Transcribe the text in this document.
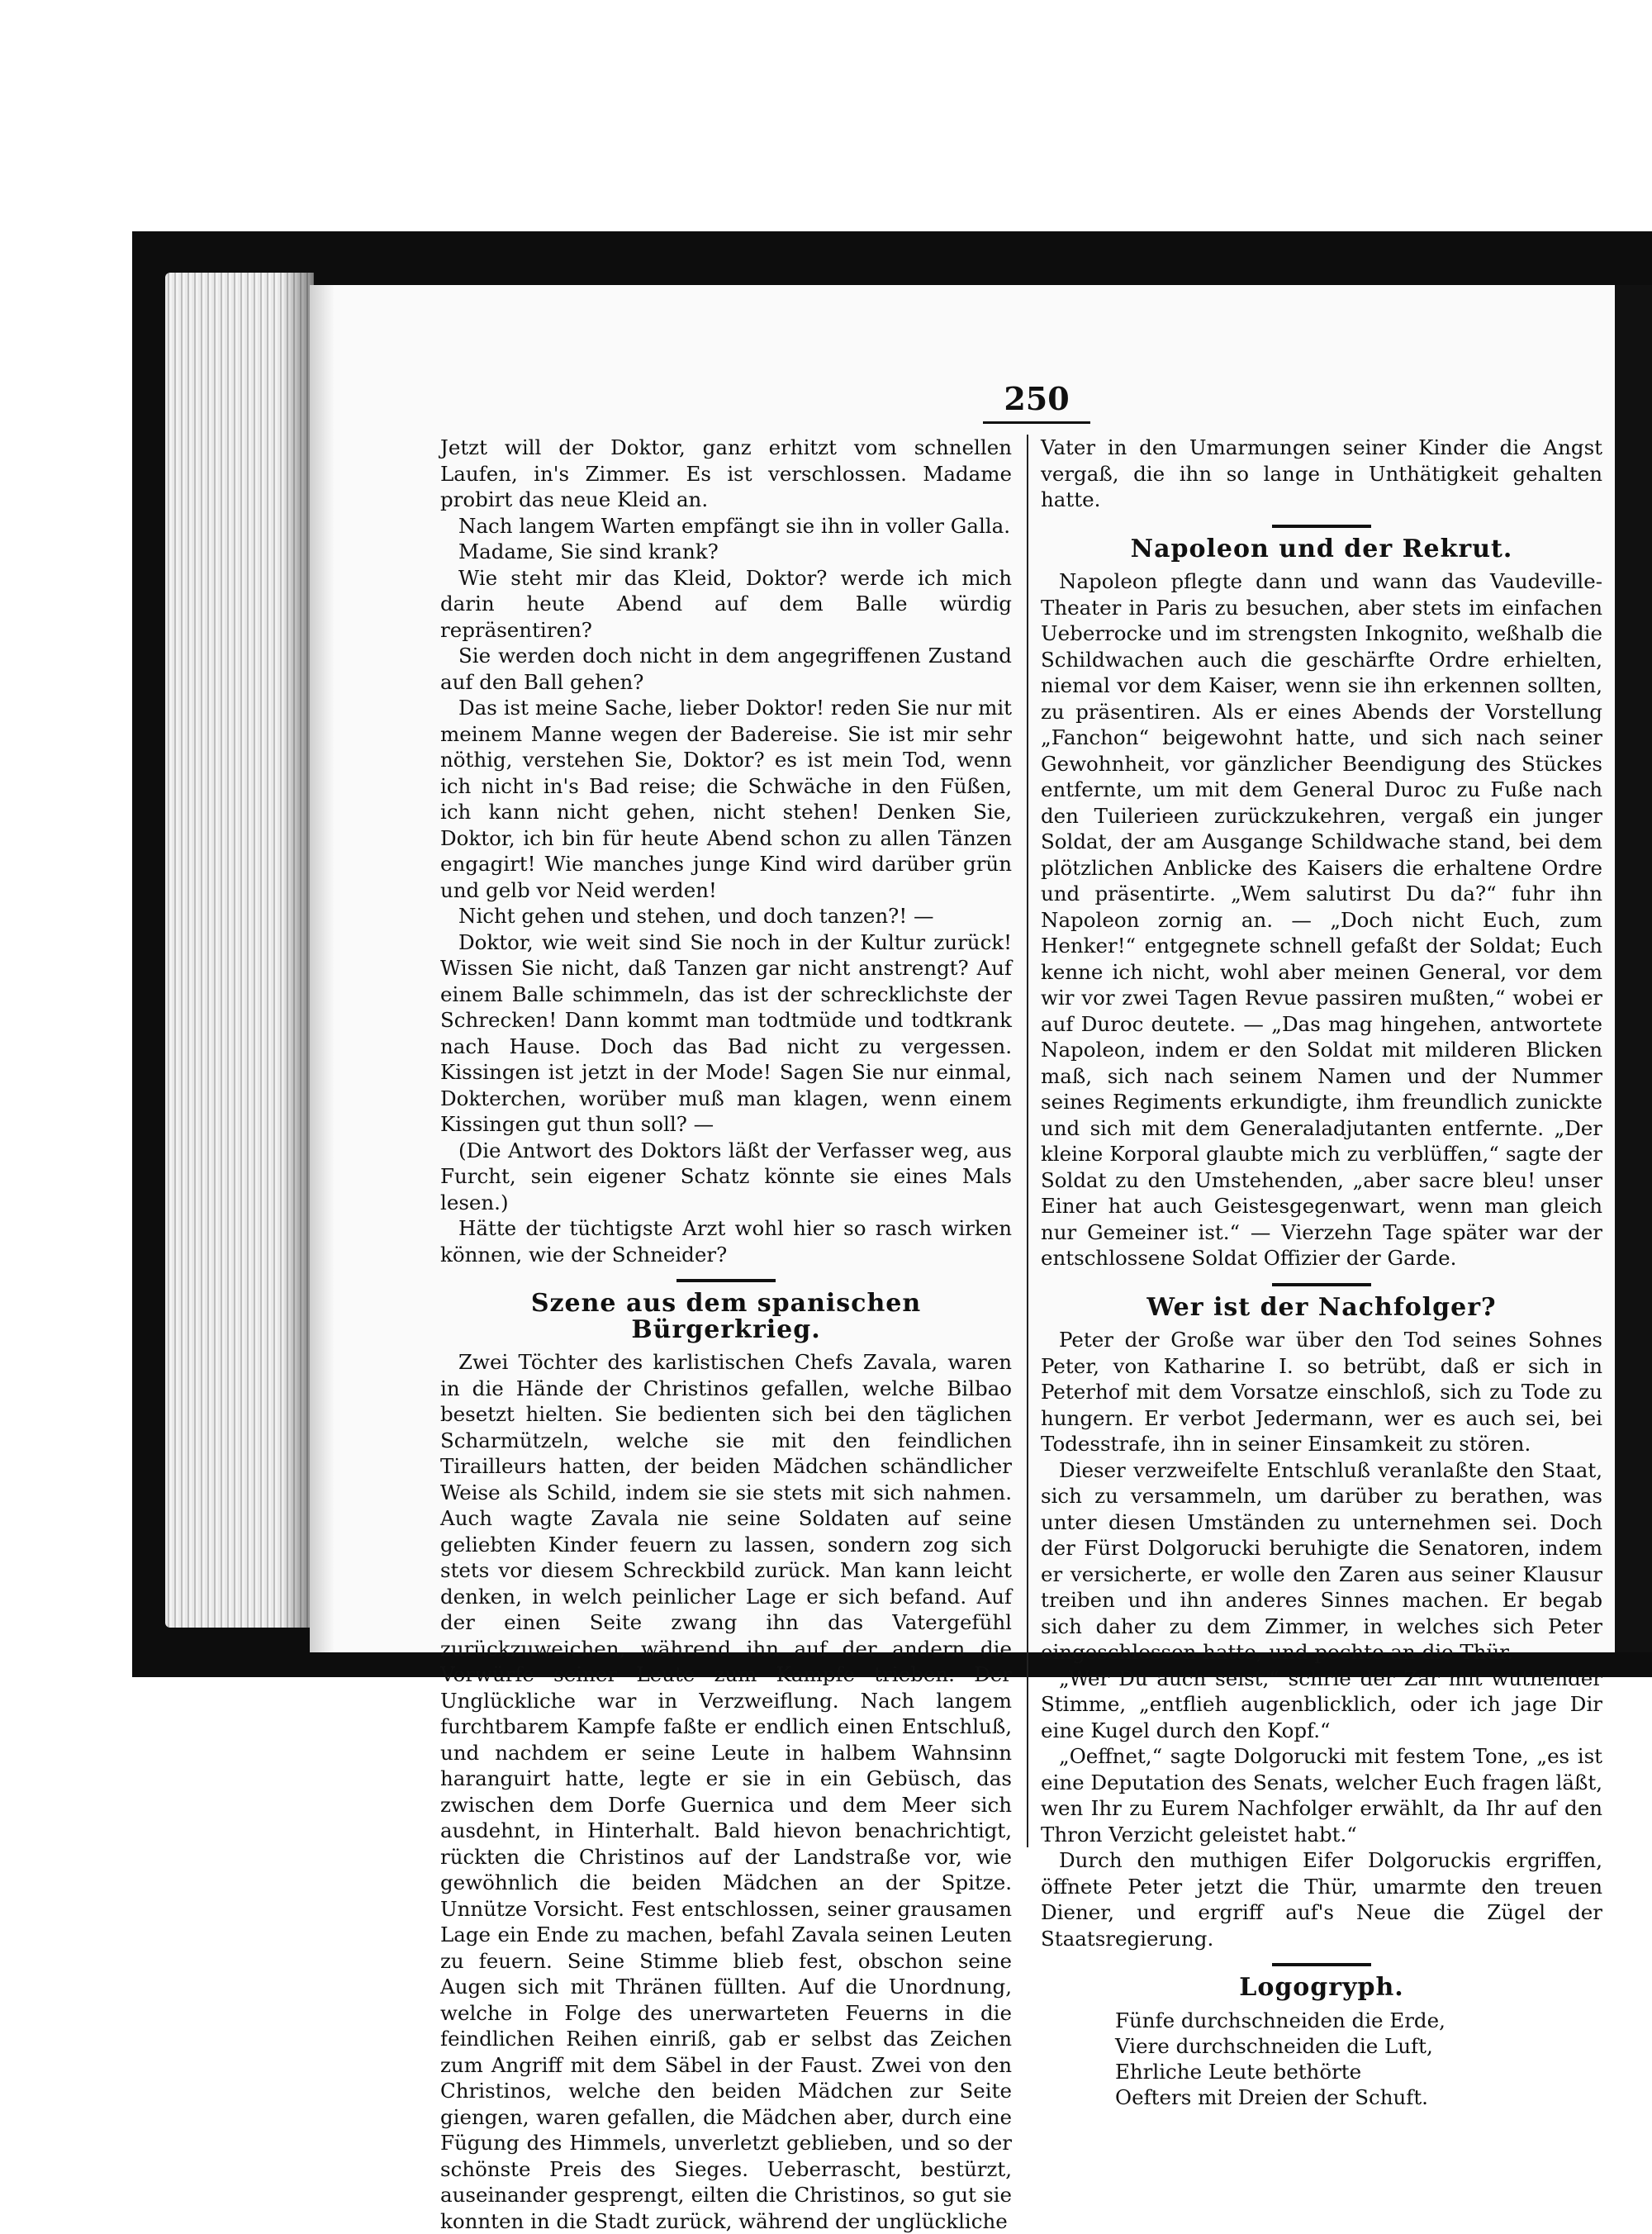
250

Jetzt will der Doktor, ganz erhitzt vom schnellen Laufen, in's Zimmer. Es ist verschlossen. Madame probirt das neue Kleid an.

Nach langem Warten empfängt sie ihn in voller Galla.

Madame, Sie sind krank?

Wie steht mir das Kleid, Doktor? werde ich mich darin heute Abend auf dem Balle würdig repräsentiren?

Sie werden doch nicht in dem angegriffenen Zustand auf den Ball gehen?

Das ist meine Sache, lieber Doktor! reden Sie nur mit meinem Manne wegen der Badereise. Sie ist mir sehr nöthig, verstehen Sie, Doktor? es ist mein Tod, wenn ich nicht in's Bad reise; die Schwäche in den Füßen, ich kann nicht gehen, nicht stehen! Denken Sie, Doktor, ich bin für heute Abend schon zu allen Tänzen engagirt! Wie manches junge Kind wird darüber grün und gelb vor Neid werden!

Nicht gehen und stehen, und doch tanzen?! —

Doktor, wie weit sind Sie noch in der Kultur zurück! Wissen Sie nicht, daß Tanzen gar nicht anstrengt? Auf einem Balle schimmeln, das ist der schrecklichste der Schrecken! Dann kommt man todtmüde und todtkrank nach Hause. Doch das Bad nicht zu vergessen. Kissingen ist jetzt in der Mode! Sagen Sie nur einmal, Dokterchen, worüber muß man klagen, wenn einem Kissingen gut thun soll? —

(Die Antwort des Doktors läßt der Verfasser weg, aus Furcht, sein eigener Schatz könnte sie eines Mals lesen.)

Hätte der tüchtigste Arzt wohl hier so rasch wirken können, wie der Schneider?

Szene aus dem spanischen Bürgerkrieg.

Zwei Töchter des karlistischen Chefs Zavala, waren in die Hände der Christinos gefallen, welche Bilbao besetzt hielten. Sie bedienten sich bei den täglichen Scharmützeln, welche sie mit den feindlichen Tirailleurs hatten, der beiden Mädchen schändlicher Weise als Schild, indem sie sie stets mit sich nahmen. Auch wagte Zavala nie seine Soldaten auf seine geliebten Kinder feuern zu lassen, sondern zog sich stets vor diesem Schreckbild zurück. Man kann leicht denken, in welch peinlicher Lage er sich befand. Auf der einen Seite zwang ihn das Vatergefühl zurückzuweichen, während ihn auf der andern die Vorwürfe seiner Leute zum Kampfe trieben. Der Unglückliche war in Verzweiflung. Nach langem furchtbarem Kampfe faßte er endlich einen Entschluß, und nachdem er seine Leute in halbem Wahnsinn haranguirt hatte, legte er sie in ein Gebüsch, das zwischen dem Dorfe Guernica und dem Meer sich ausdehnt, in Hinterhalt. Bald hievon benachrichtigt, rückten die Christinos auf der Landstraße vor, wie gewöhnlich die beiden Mädchen an der Spitze. Unnütze Vorsicht. Fest entschlossen, seiner grausamen Lage ein Ende zu machen, befahl Zavala seinen Leuten zu feuern. Seine Stimme blieb fest, obschon seine Augen sich mit Thränen füllten. Auf die Unordnung, welche in Folge des unerwarteten Feuerns in die feindlichen Reihen einriß, gab er selbst das Zeichen zum Angriff mit dem Säbel in der Faust. Zwei von den Christinos, welche den beiden Mädchen zur Seite giengen, waren gefallen, die Mädchen aber, durch eine Fügung des Himmels, unverletzt geblieben, und so der schönste Preis des Sieges. Ueberrascht, bestürzt, auseinander gesprengt, eilten die Christinos, so gut sie konnten in die Stadt zurück, während der unglückliche

Vater in den Umarmungen seiner Kinder die Angst vergaß, die ihn so lange in Unthätigkeit gehalten hatte.

Napoleon und der Rekrut.

Napoleon pflegte dann und wann das Vaudeville-Theater in Paris zu besuchen, aber stets im einfachen Ueberrocke und im strengsten Inkognito, weßhalb die Schildwachen auch die geschärfte Ordre erhielten, niemal vor dem Kaiser, wenn sie ihn erkennen sollten, zu präsentiren. Als er eines Abends der Vorstellung „Fanchon“ beigewohnt hatte, und sich nach seiner Gewohnheit, vor gänzlicher Beendigung des Stückes entfernte, um mit dem General Duroc zu Fuße nach den Tuilerieen zurückzukehren, vergaß ein junger Soldat, der am Ausgange Schildwache stand, bei dem plötzlichen Anblicke des Kaisers die erhaltene Ordre und präsentirte. „Wem salutirst Du da?“ fuhr ihn Napoleon zornig an. — „Doch nicht Euch, zum Henker!“ entgegnete schnell gefaßt der Soldat; Euch kenne ich nicht, wohl aber meinen General, vor dem wir vor zwei Tagen Revue passiren mußten,“ wobei er auf Duroc deutete. — „Das mag hingehen, antwortete Napoleon, indem er den Soldat mit milderen Blicken maß, sich nach seinem Namen und der Nummer seines Regiments erkundigte, ihm freundlich zunickte und sich mit dem Generaladjutanten entfernte. „Der kleine Korporal glaubte mich zu verblüffen,“ sagte der Soldat zu den Umstehenden, „aber sacre bleu! unser Einer hat auch Geistesgegenwart, wenn man gleich nur Gemeiner ist.“ — Vierzehn Tage später war der entschlossene Soldat Offizier der Garde.

Wer ist der Nachfolger?

Peter der Große war über den Tod seines Sohnes Peter, von Katharine I. so betrübt, daß er sich in Peterhof mit dem Vorsatze einschloß, sich zu Tode zu hungern. Er verbot Jedermann, wer es auch sei, bei Todesstrafe, ihn in seiner Einsamkeit zu stören.

Dieser verzweifelte Entschluß veranlaßte den Staat, sich zu versammeln, um darüber zu berathen, was unter diesen Umständen zu unternehmen sei. Doch der Fürst Dolgorucki beruhigte die Senatoren, indem er versicherte, er wolle den Zaren aus seiner Klausur treiben und ihn anderes Sinnes machen. Er begab sich daher zu dem Zimmer, in welches sich Peter eingeschlossen hatte, und pochte an die Thür.

„Wer Du auch seist,“ schrie der Zar mit wüthender Stimme, „entflieh augenblicklich, oder ich jage Dir eine Kugel durch den Kopf.“

„Oeffnet,“ sagte Dolgorucki mit festem Tone, „es ist eine Deputation des Senats, welcher Euch fragen läßt, wen Ihr zu Eurem Nachfolger erwählt, da Ihr auf den Thron Verzicht geleistet habt.“

Durch den muthigen Eifer Dolgoruckis ergriffen, öffnete Peter jetzt die Thür, umarmte den treuen Diener, und ergriff auf's Neue die Zügel der Staatsregierung.

Logogryph.
Fünfe durchschneiden die Erde,
Viere durchschneiden die Luft,
Ehrliche Leute bethörte
Oefters mit Dreien der Schuft.
